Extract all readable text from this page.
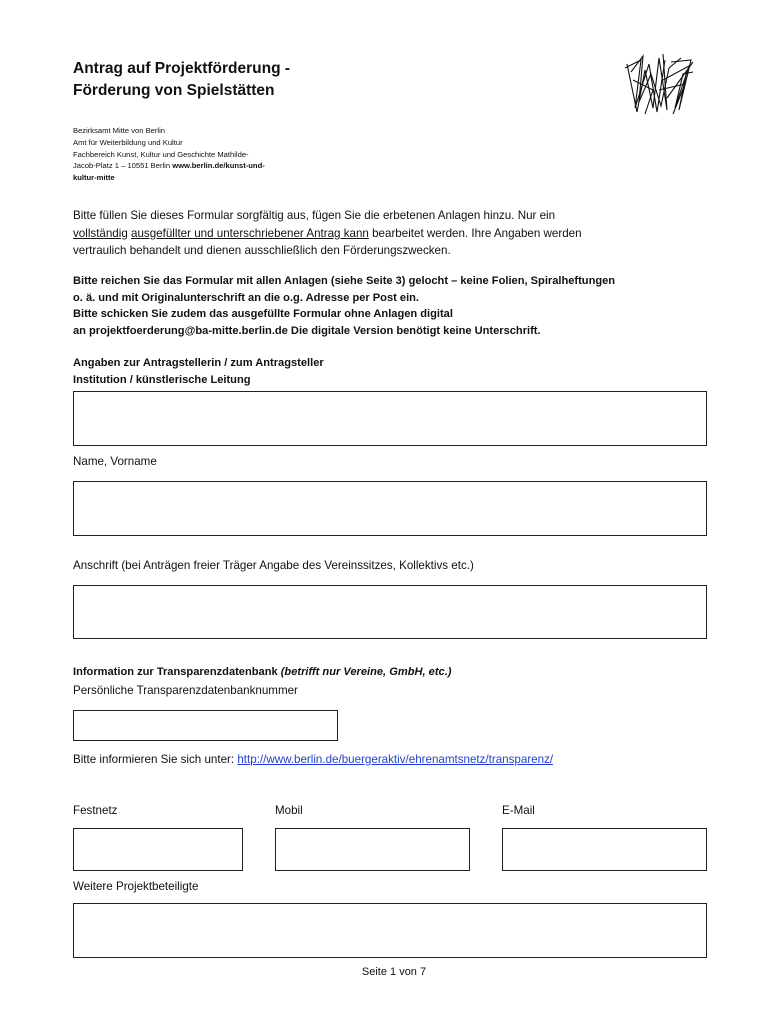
Antrag auf Projektförderung -
Förderung von Spielstätten
Bezirksamt Mitte von Berlin
Amt für Weiterbildung und Kultur
Fachbereich Kunst, Kultur und Geschichte Mathilde-
Jacob-Platz 1 – 10551 Berlin www.berlin.de/kunst-und-
kultur-mitte
Bitte füllen Sie dieses Formular sorgfältig aus, fügen Sie die erbetenen Anlagen hinzu. Nur ein
vollständig ausgefüllter und unterschriebener Antrag kann bearbeitet werden. Ihre Angaben werden
vertraulich behandelt und dienen ausschließlich den Förderungszwecken.
Bitte reichen Sie das Formular mit allen Anlagen (siehe Seite 3) gelocht – keine Folien, Spiralheftungen
o. ä. und mit Originalunterschrift an die o.g. Adresse per Post ein.
Bitte schicken Sie zudem das ausgefüllte Formular ohne Anlagen digital
an projektfoerderung@ba-mitte.berlin.de Die digitale Version benötigt keine Unterschrift.
Angaben zur Antragstellerin / zum Antragsteller
Institution / künstlerische Leitung
Name, Vorname
Anschrift (bei Anträgen freier Träger Angabe des Vereinssitzes, Kollektivs etc.)
Information zur Transparenzdatenbank (betrifft nur Vereine, GmbH, etc.)
Persönliche Transparenzdatenbanknummer
Bitte informieren Sie sich unter: http://www.berlin.de/buergeraktiv/ehrenamtsnetz/transparenz/
Festnetz	Mobil	E-Mail
Weitere Projektbeteiligte
Seite 1 von 7
